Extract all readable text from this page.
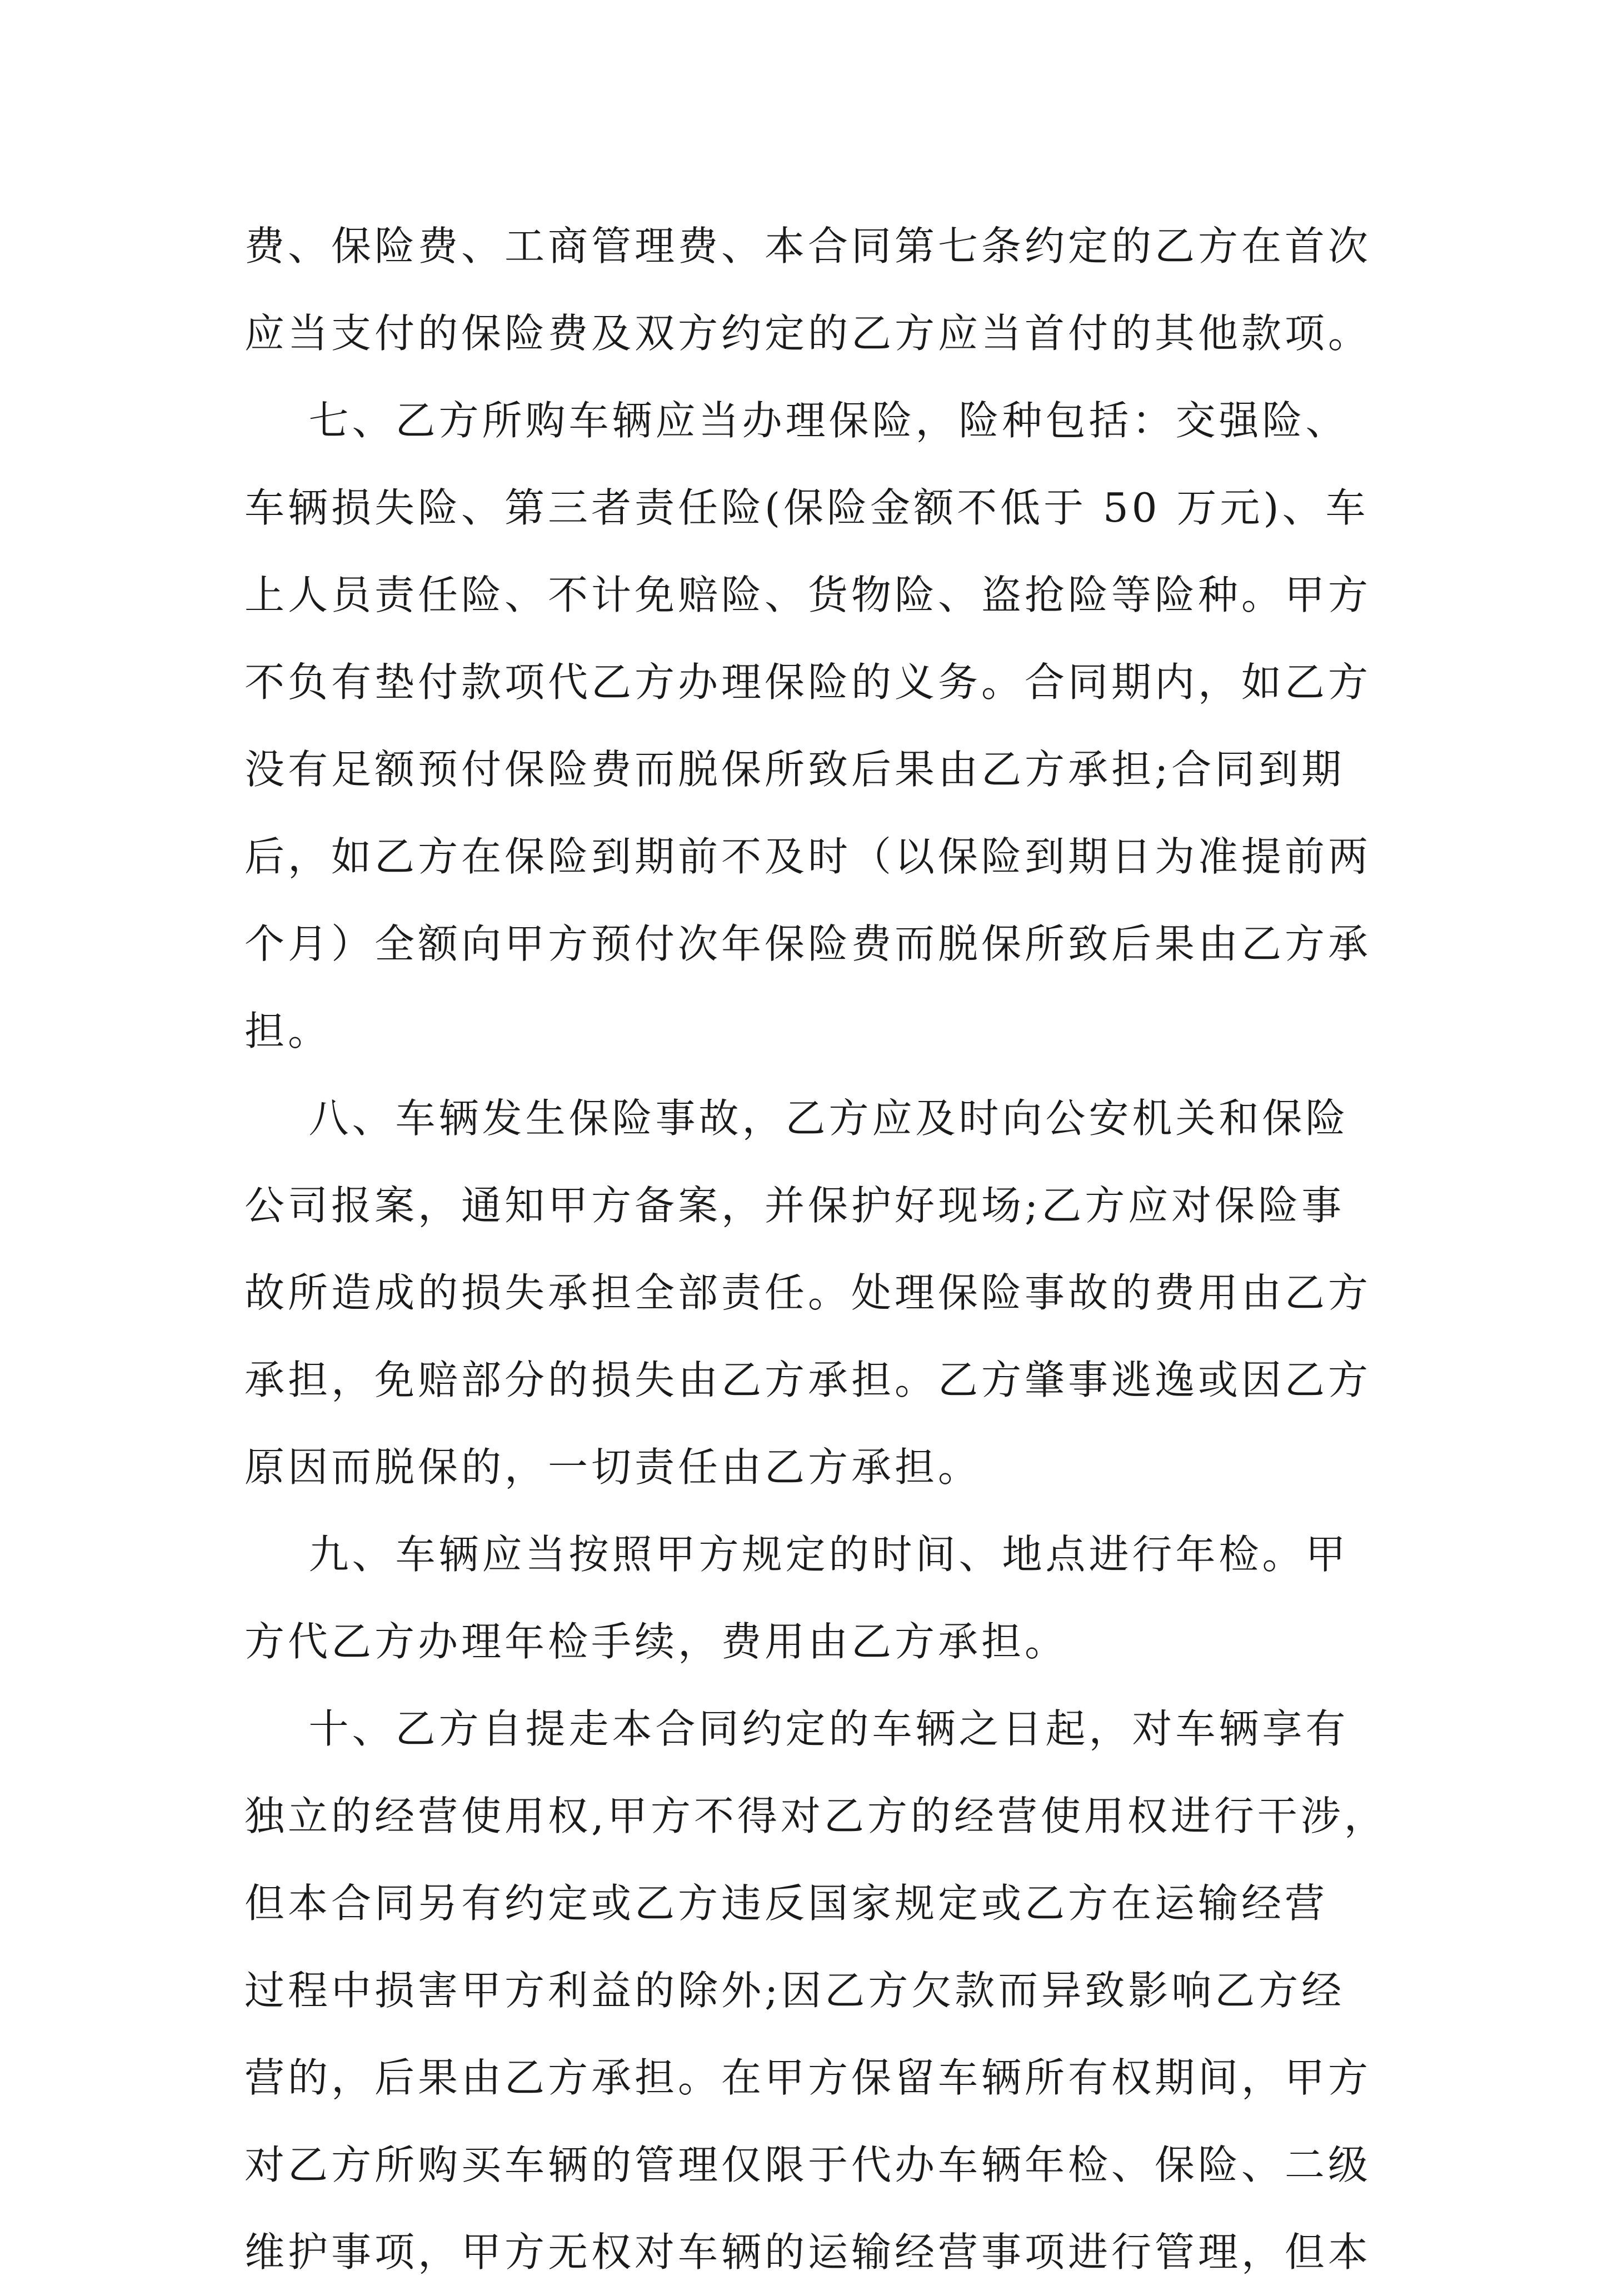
费、保险费、工商管理费、本合同第七条约定的乙方在首次
应当支付的保险费及双方约定的乙方应当首付的其他款项。
七、乙方所购车辆应当办理保险，险种包括：交强险、
车辆损失险、第三者责任险(保险金额不低于 50 万元)、车
上人员责任险、不计免赔险、货物险、盗抢险等险种。甲方
不负有垫付款项代乙方办理保险的义务。合同期内，如乙方
没有足额预付保险费而脱保所致后果由乙方承担;合同到期
后，如乙方在保险到期前不及时（以保险到期日为准提前两
个月）全额向甲方预付次年保险费而脱保所致后果由乙方承
担。
八、车辆发生保险事故，乙方应及时向公安机关和保险
公司报案，通知甲方备案，并保护好现场;乙方应对保险事
故所造成的损失承担全部责任。处理保险事故的费用由乙方
承担，免赔部分的损失由乙方承担。乙方肇事逃逸或因乙方
原因而脱保的，一切责任由乙方承担。
九、车辆应当按照甲方规定的时间、地点进行年检。甲
方代乙方办理年检手续，费用由乙方承担。
十、乙方自提走本合同约定的车辆之日起，对车辆享有
独立的经营使用权,甲方不得对乙方的经营使用权进行干涉，
但本合同另有约定或乙方违反国家规定或乙方在运输经营
过程中损害甲方利益的除外;因乙方欠款而异致影响乙方经
营的，后果由乙方承担。在甲方保留车辆所有权期间，甲方
对乙方所购买车辆的管理仅限于代办车辆年检、保险、二级
维护事项，甲方无权对车辆的运输经营事项进行管理，但本
